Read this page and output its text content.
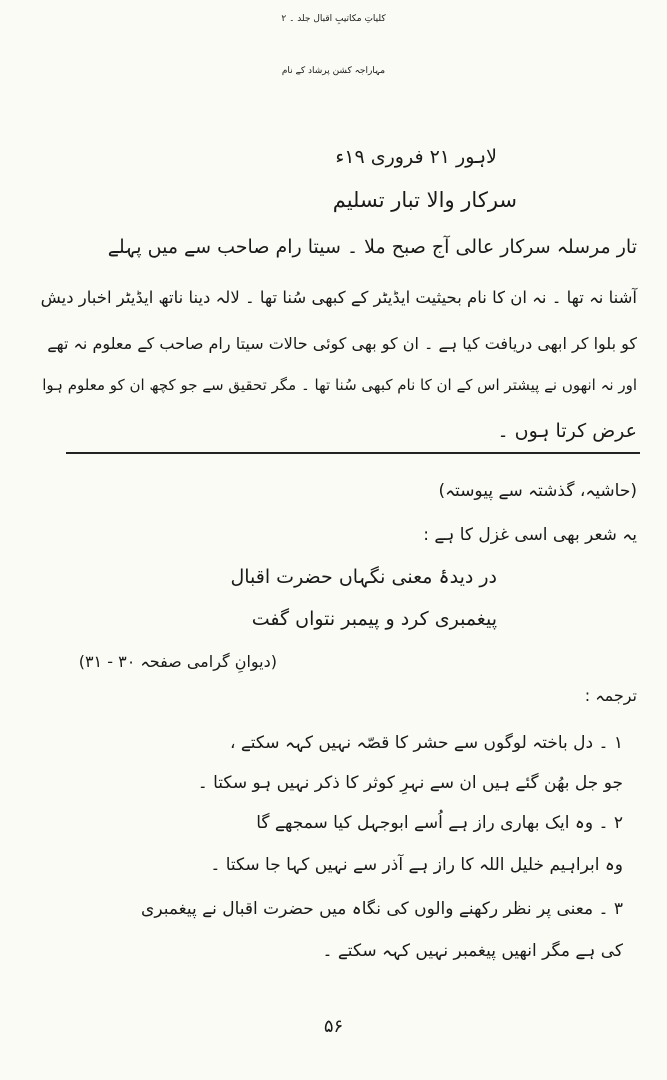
کلیاتِ مکاتیبِ اقبال جلد ۔ ۲
مہاراجہ کشن پرشاد کے نام
لاہور ۲۱ فروری ۱۹ء
سرکار والا تبار تسلیم
تار مرسلہ سرکار عالی آج صبح ملا ۔ سیتا رام صاحب سے میں پہلے
آشنا نہ تھا ۔ نہ ان کا نام بحیثیت ایڈیٹر کے کبھی سُنا تھا ۔ لالہ دینا ناتھ ایڈیٹر اخبار دیش
کو بلوا کر ابھی دریافت کیا ہے ۔ ان کو بھی کوئی حالات سیتا رام صاحب کے معلوم نہ تھے
اور نہ انھوں نے پیشتر اس کے ان کا نام کبھی سُنا تھا ۔ مگر تحقیق سے جو کچھ ان کو معلوم ہوا
عرض کرتا ہوں ۔
(حاشیہ، گذشتہ سے پیوستہ)
یہ شعر بھی اسی غزل کا ہے :
در دیدۂ معنی نگہاں حضرت اقبال
پیغمبری کرد و پیمبر نتواں گفت
(دیوانِ گرامی صفحہ ۳۰ - ۳۱)
ترجمہ :
۱ ۔ دل باختہ لوگوں سے حشر کا قصّہ نہیں کہہ سکتے ،
جو جل بھُن گئے ہیں ان سے نہرِ کوثر کا ذکر نہیں ہو سکتا ۔
۲ ۔ وہ ایک بھاری راز ہے اُسے ابوجہل کیا سمجھے گا
وہ ابراہیم خلیل اللہ کا راز ہے آذر سے نہیں کہا جا سکتا ۔
۳ ۔ معنی پر نظر رکھنے والوں کی نگاہ میں حضرت اقبال نے پیغمبری
کی ہے مگر انھیں پیغمبر نہیں کہہ سکتے ۔
۵۶
